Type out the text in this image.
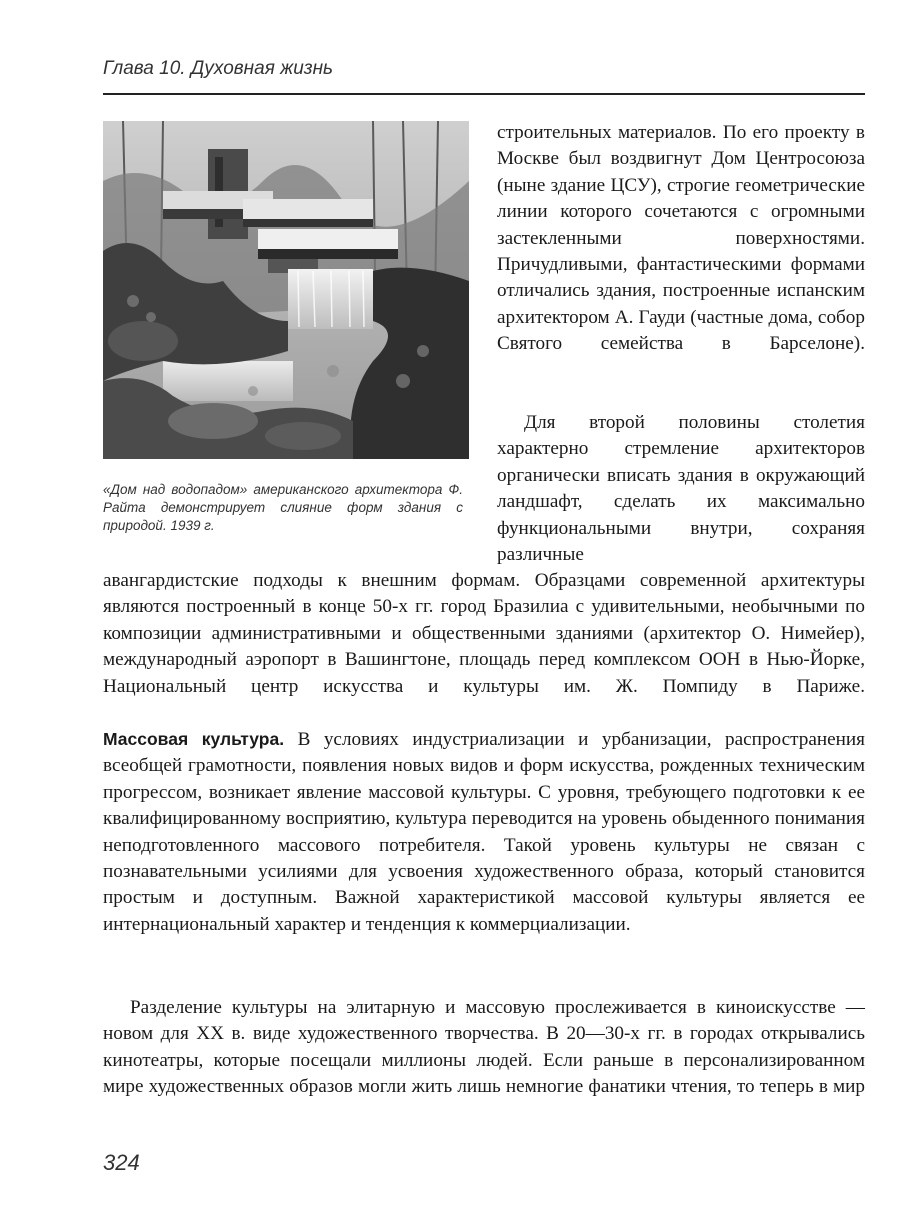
Глава 10. Духовная жизнь
«Дом над водопадом» американского архитектора Ф. Райта демонстрирует слияние форм здания с природой. 1939 г.

строительных материалов. По его проекту в Москве был воздвигнут Дом Центросоюза (ныне здание ЦСУ), строгие геометрические линии которого сочетаются с огромными застекленными поверхностями. Причудливыми, фантастическими формами отличались здания, построенные испанским архитектором А. Гауди (частные дома, собор Святого семейства в Барселоне).

Для второй половины столетия характерно стремление архитекторов органически вписать здания в окружающий ландшафт, сделать их максимально функциональными внутри, сохраняя различные

авангардистские подходы к внешним формам. Образцами современной архитектуры являются построенный в конце 50-х гг. город Бразилиа с удивительными, необычными по композиции административными и общественными зданиями (архитектор О. Нимейер), международный аэропорт в Вашингтоне, площадь перед комплексом ООН в Нью-Йорке, Национальный центр искусства и культуры им. Ж. Помпиду в Париже.

Массовая культура. В условиях индустриализации и урбанизации, распространения всеобщей грамотности, появления новых видов и форм искусства, рожденных техническим прогрессом, возникает явление массовой культуры. С уровня, требующего подготовки к ее квалифицированному восприятию, культура переводится на уровень обыденного понимания неподготовленного массового потребителя. Такой уровень культуры не связан с познавательными усилиями для усвоения художественного образа, который становится простым и доступным. Важной характеристикой массовой культуры является ее интернациональный характер и тенденция к коммерциализации.

Разделение культуры на элитарную и массовую прослеживается в киноискусстве — новом для XX в. виде художественного творчества. В 20—30-х гг. в городах открывались кинотеатры, которые посещали миллионы людей. Если раньше в персонализированном мире художественных образов могли жить лишь немногие фанатики чтения, то теперь в мир

324
